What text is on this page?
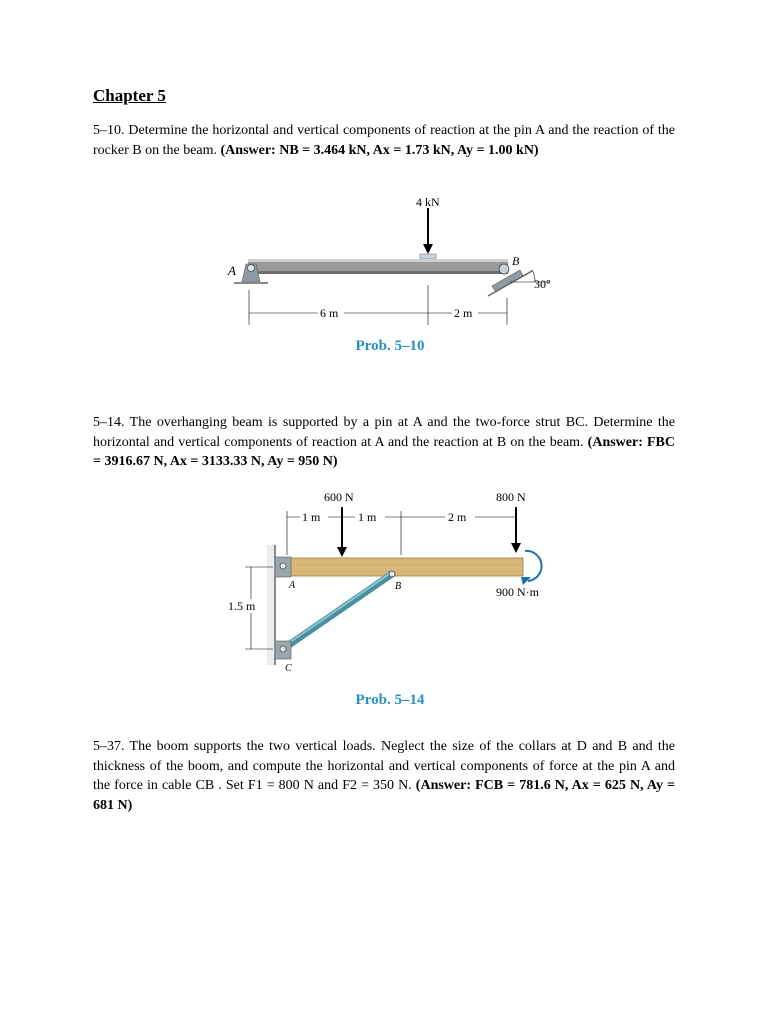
Chapter 5
5–10. Determine the horizontal and vertical components of reaction at the pin A and the reaction of the rocker B on the beam. (Answer: NB = 3.464 kN, Ax = 1.73 kN, Ay = 1.00 kN)
4 kN
A
B
30°
6 m	2 m
Prob. 5–10
5–14. The overhanging beam is supported by a pin at A and the two-force strut BC. Determine the horizontal and vertical components of reaction at A and the reaction at B on the beam. (Answer: FBC = 3916.67 N, Ax = 3133.33 N, Ay = 950 N)
A	B
C
600 N	800 N
900 N·m
1 m	1 m	2 m
1.5 m
Prob. 5–14
5–37. The boom supports the two vertical loads. Neglect the size of the collars at D and B and the thickness of the boom, and compute the horizontal and vertical components of force at the pin A and the force in cable CB . Set F1 = 800 N and F2 = 350 N. (Answer: FCB = 781.6 N, Ax = 625 N, Ay = 681 N)
